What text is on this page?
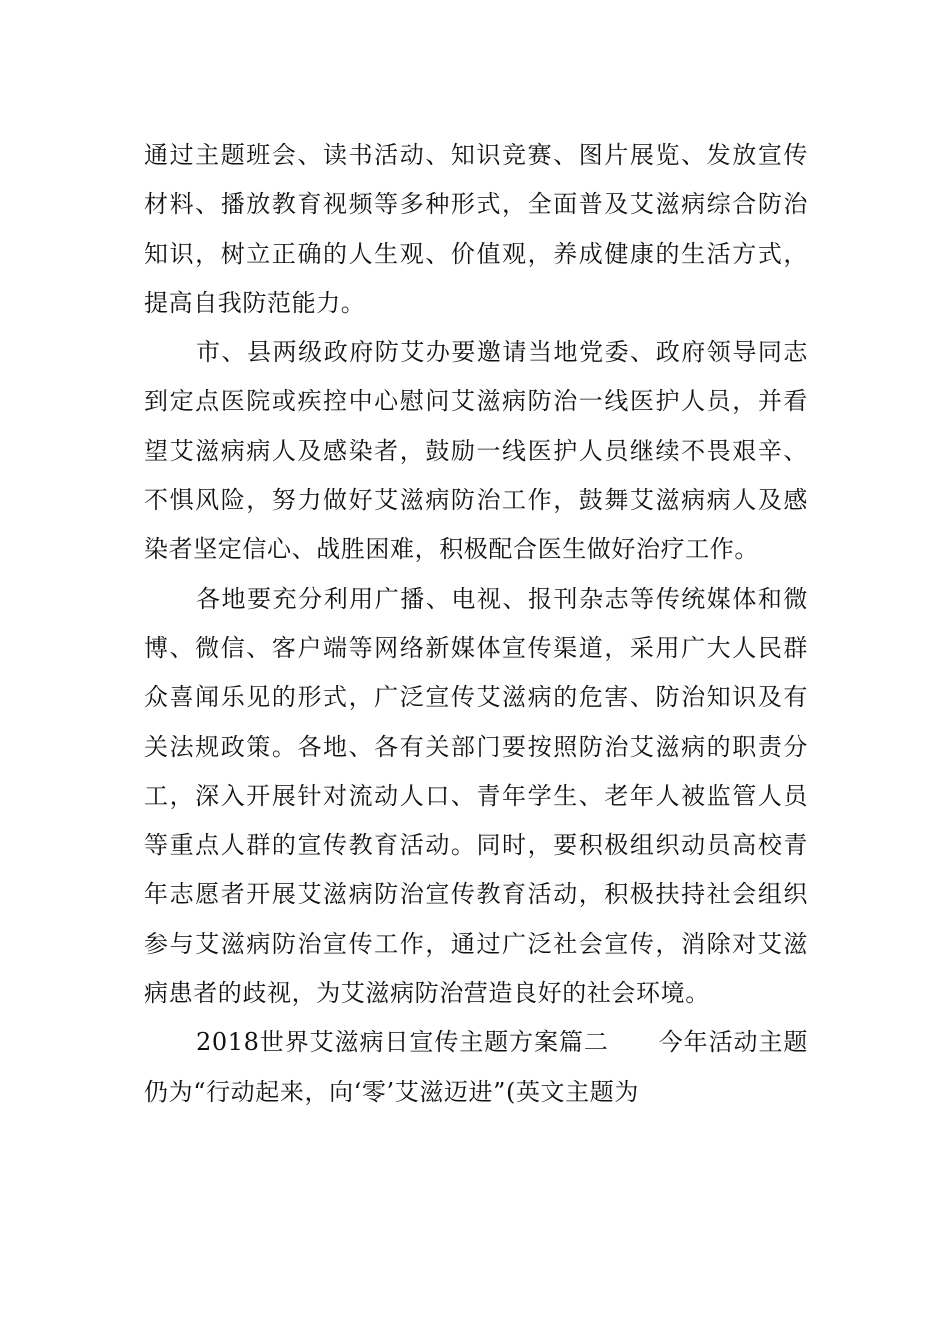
通过主题班会、读书活动、知识竞赛、图片展览、发放宣传材料、播放教育视频等多种形式，全面普及艾滋病综合防治知识，树立正确的人生观、价值观，养成健康的生活方式，提高自我防范能力。

市、县两级政府防艾办要邀请当地党委、政府领导同志到定点医院或疾控中心慰问艾滋病防治一线医护人员，并看望艾滋病病人及感染者，鼓励一线医护人员继续不畏艰辛、不惧风险，努力做好艾滋病防治工作，鼓舞艾滋病病人及感染者坚定信心、战胜困难，积极配合医生做好治疗工作。

各地要充分利用广播、电视、报刊杂志等传统媒体和微博、微信、客户端等网络新媒体宣传渠道，采用广大人民群众喜闻乐见的形式，广泛宣传艾滋病的危害、防治知识及有关法规政策。各地、各有关部门要按照防治艾滋病的职责分工，深入开展针对流动人口、青年学生、老年人被监管人员等重点人群的宣传教育活动。同时，要积极组织动员高校青年志愿者开展艾滋病防治宣传教育活动，积极扶持社会组织参与艾滋病防治宣传工作，通过广泛社会宣传，消除对艾滋病患者的歧视，为艾滋病防治营造良好的社会环境。

2018世界艾滋病日宣传主题方案篇二　　今年活动主题仍为“行动起来，向‘零’艾滋迈进”(英文主题为
